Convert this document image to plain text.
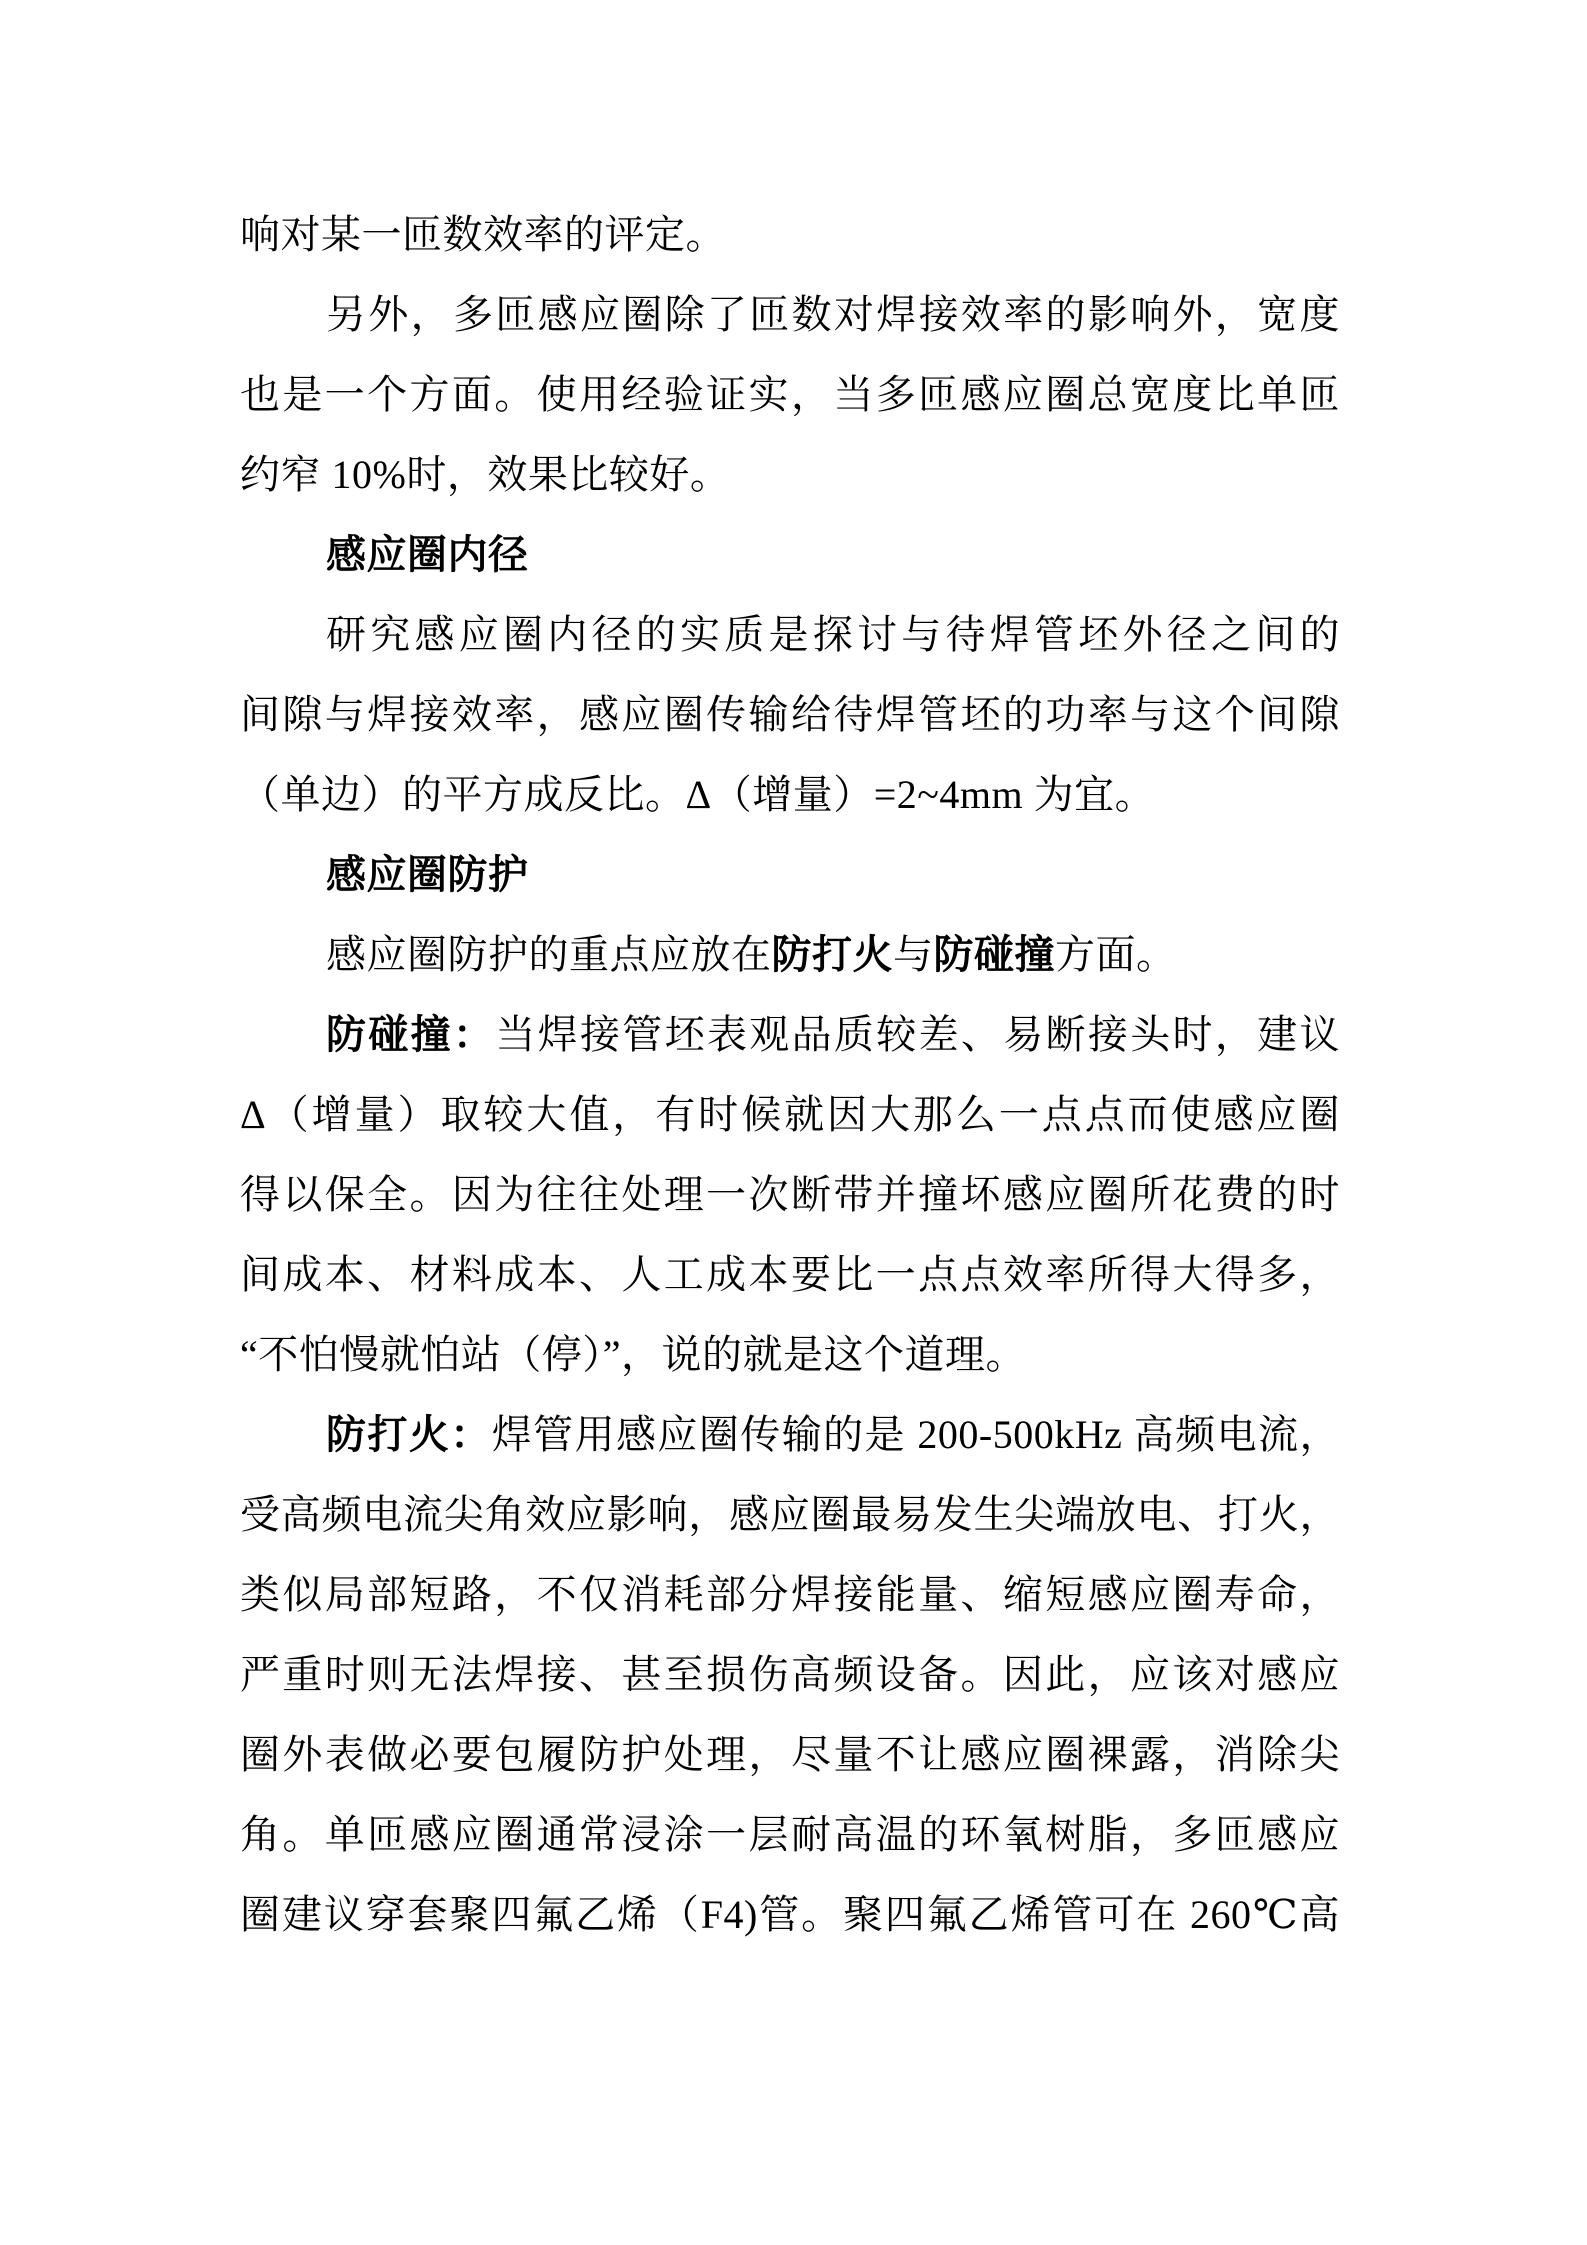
响对某一匝数效率的评定。
另外，多匝感应圈除了匝数对焊接效率的影响外，宽度
也是一个方面。使用经验证实，当多匝感应圈总宽度比单匝
约窄 10%时，效果比较好。
感应圈内径
研究感应圈内径的实质是探讨与待焊管坯外径之间的
间隙与焊接效率，感应圈传输给待焊管坯的功率与这个间隙
（单边）的平方成反比。Δ（增量）=2~4mm 为宜。
感应圈防护
感应圈防护的重点应放在防打火与防碰撞方面。
防碰撞：当焊接管坯表观品质较差、易断接头时，建议
Δ（增量）取较大值，有时候就因大那么一点点而使感应圈
得以保全。因为往往处理一次断带并撞坏感应圈所花费的时
间成本、材料成本、人工成本要比一点点效率所得大得多，
“不怕慢就怕站（停）”，说的就是这个道理。
防打火：焊管用感应圈传输的是 200-500kHz 高频电流，
受高频电流尖角效应影响，感应圈最易发生尖端放电、打火，
类似局部短路，不仅消耗部分焊接能量、缩短感应圈寿命，
严重时则无法焊接、甚至损伤高频设备。因此，应该对感应
圈外表做必要包履防护处理，尽量不让感应圈裸露，消除尖
角。单匝感应圈通常浸涂一层耐高温的环氧树脂，多匝感应
圈建议穿套聚四氟乙烯（F4)管。聚四氟乙烯管可在 260℃高
